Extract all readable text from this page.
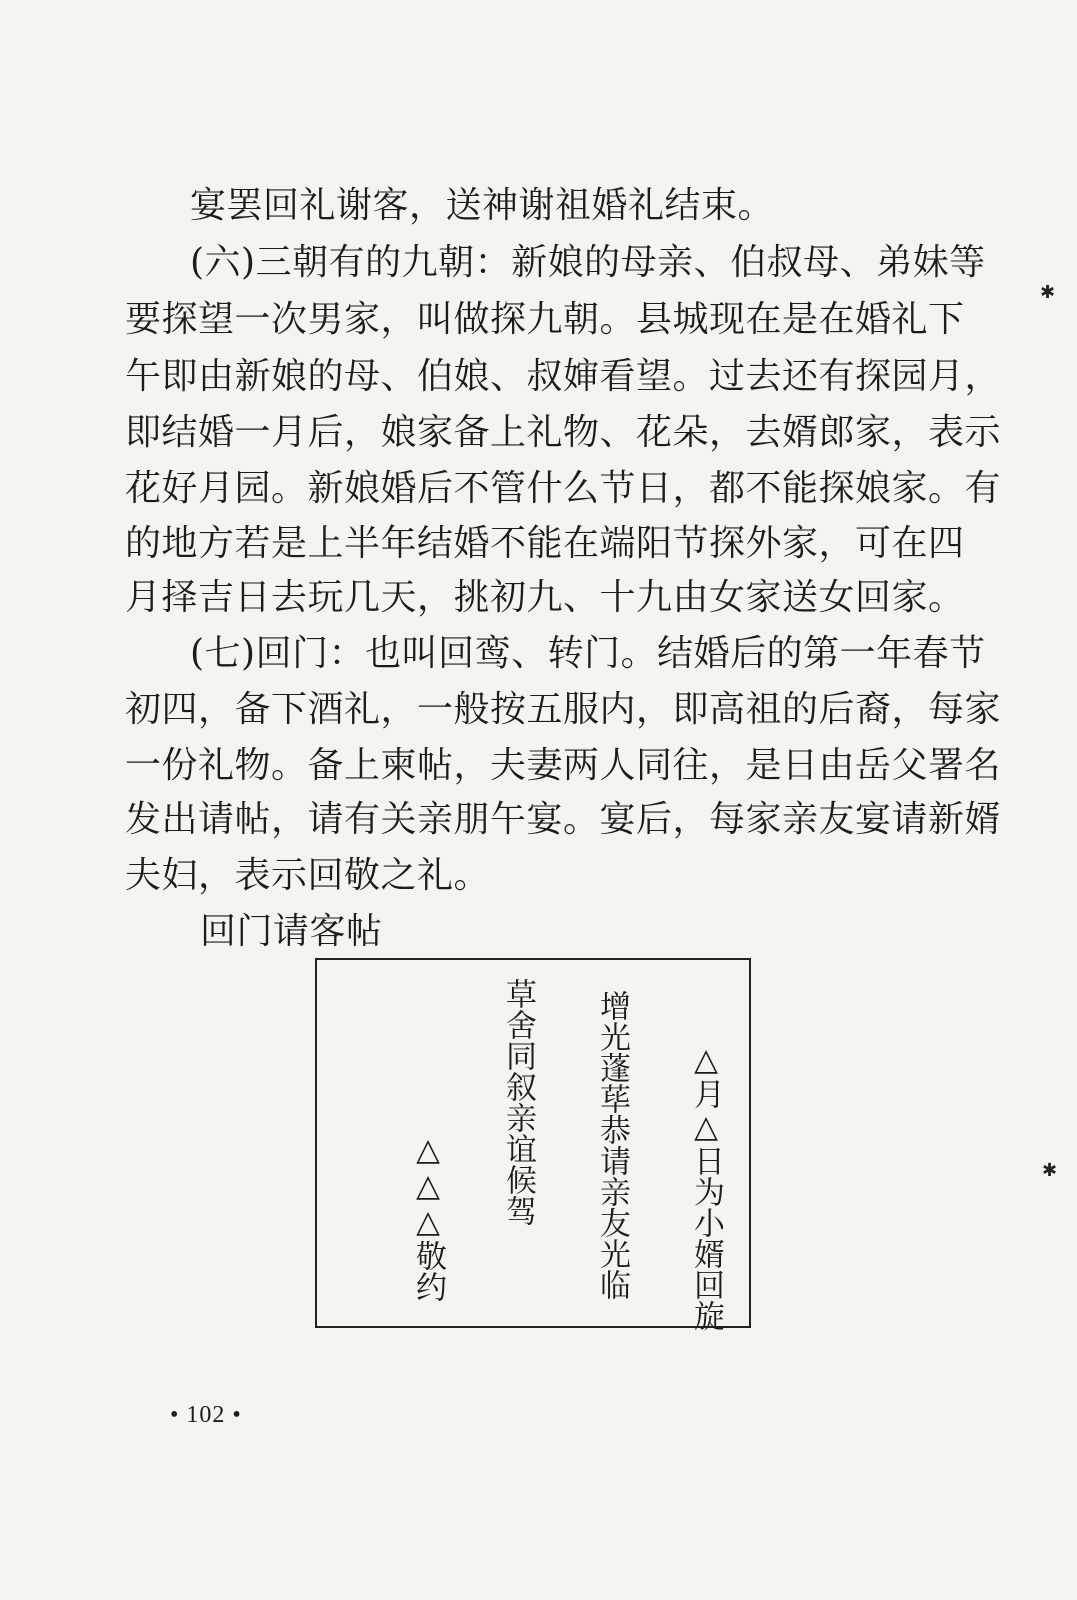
宴罢回礼谢客，送神谢祖婚礼结束。
(六)三朝有的九朝：新娘的母亲、伯叔母、弟妹等
要探望一次男家，叫做探九朝。县城现在是在婚礼下
午即由新娘的母、伯娘、叔婶看望。过去还有探园月，
即结婚一月后，娘家备上礼物、花朵，去婿郎家，表示
花好月园。新娘婚后不管什么节日，都不能探娘家。有
的地方若是上半年结婚不能在端阳节探外家，可在四
月择吉日去玩几天，挑初九、十九由女家送女回家。
(七)回门：也叫回鸾、转门。结婚后的第一年春节
初四，备下酒礼，一般按五服内，即高祖的后裔，每家
一份礼物。备上柬帖，夫妻两人同往，是日由岳父署名
发出请帖，请有关亲朋午宴。宴后，每家亲友宴请新婿
夫妇，表示回敬之礼。
回门请客帖
△月△日为小婿回旋
增光蓬荜恭请亲友光临
草舍同叙亲谊候驾
△△△敬约
• 102 •
✱
✱
